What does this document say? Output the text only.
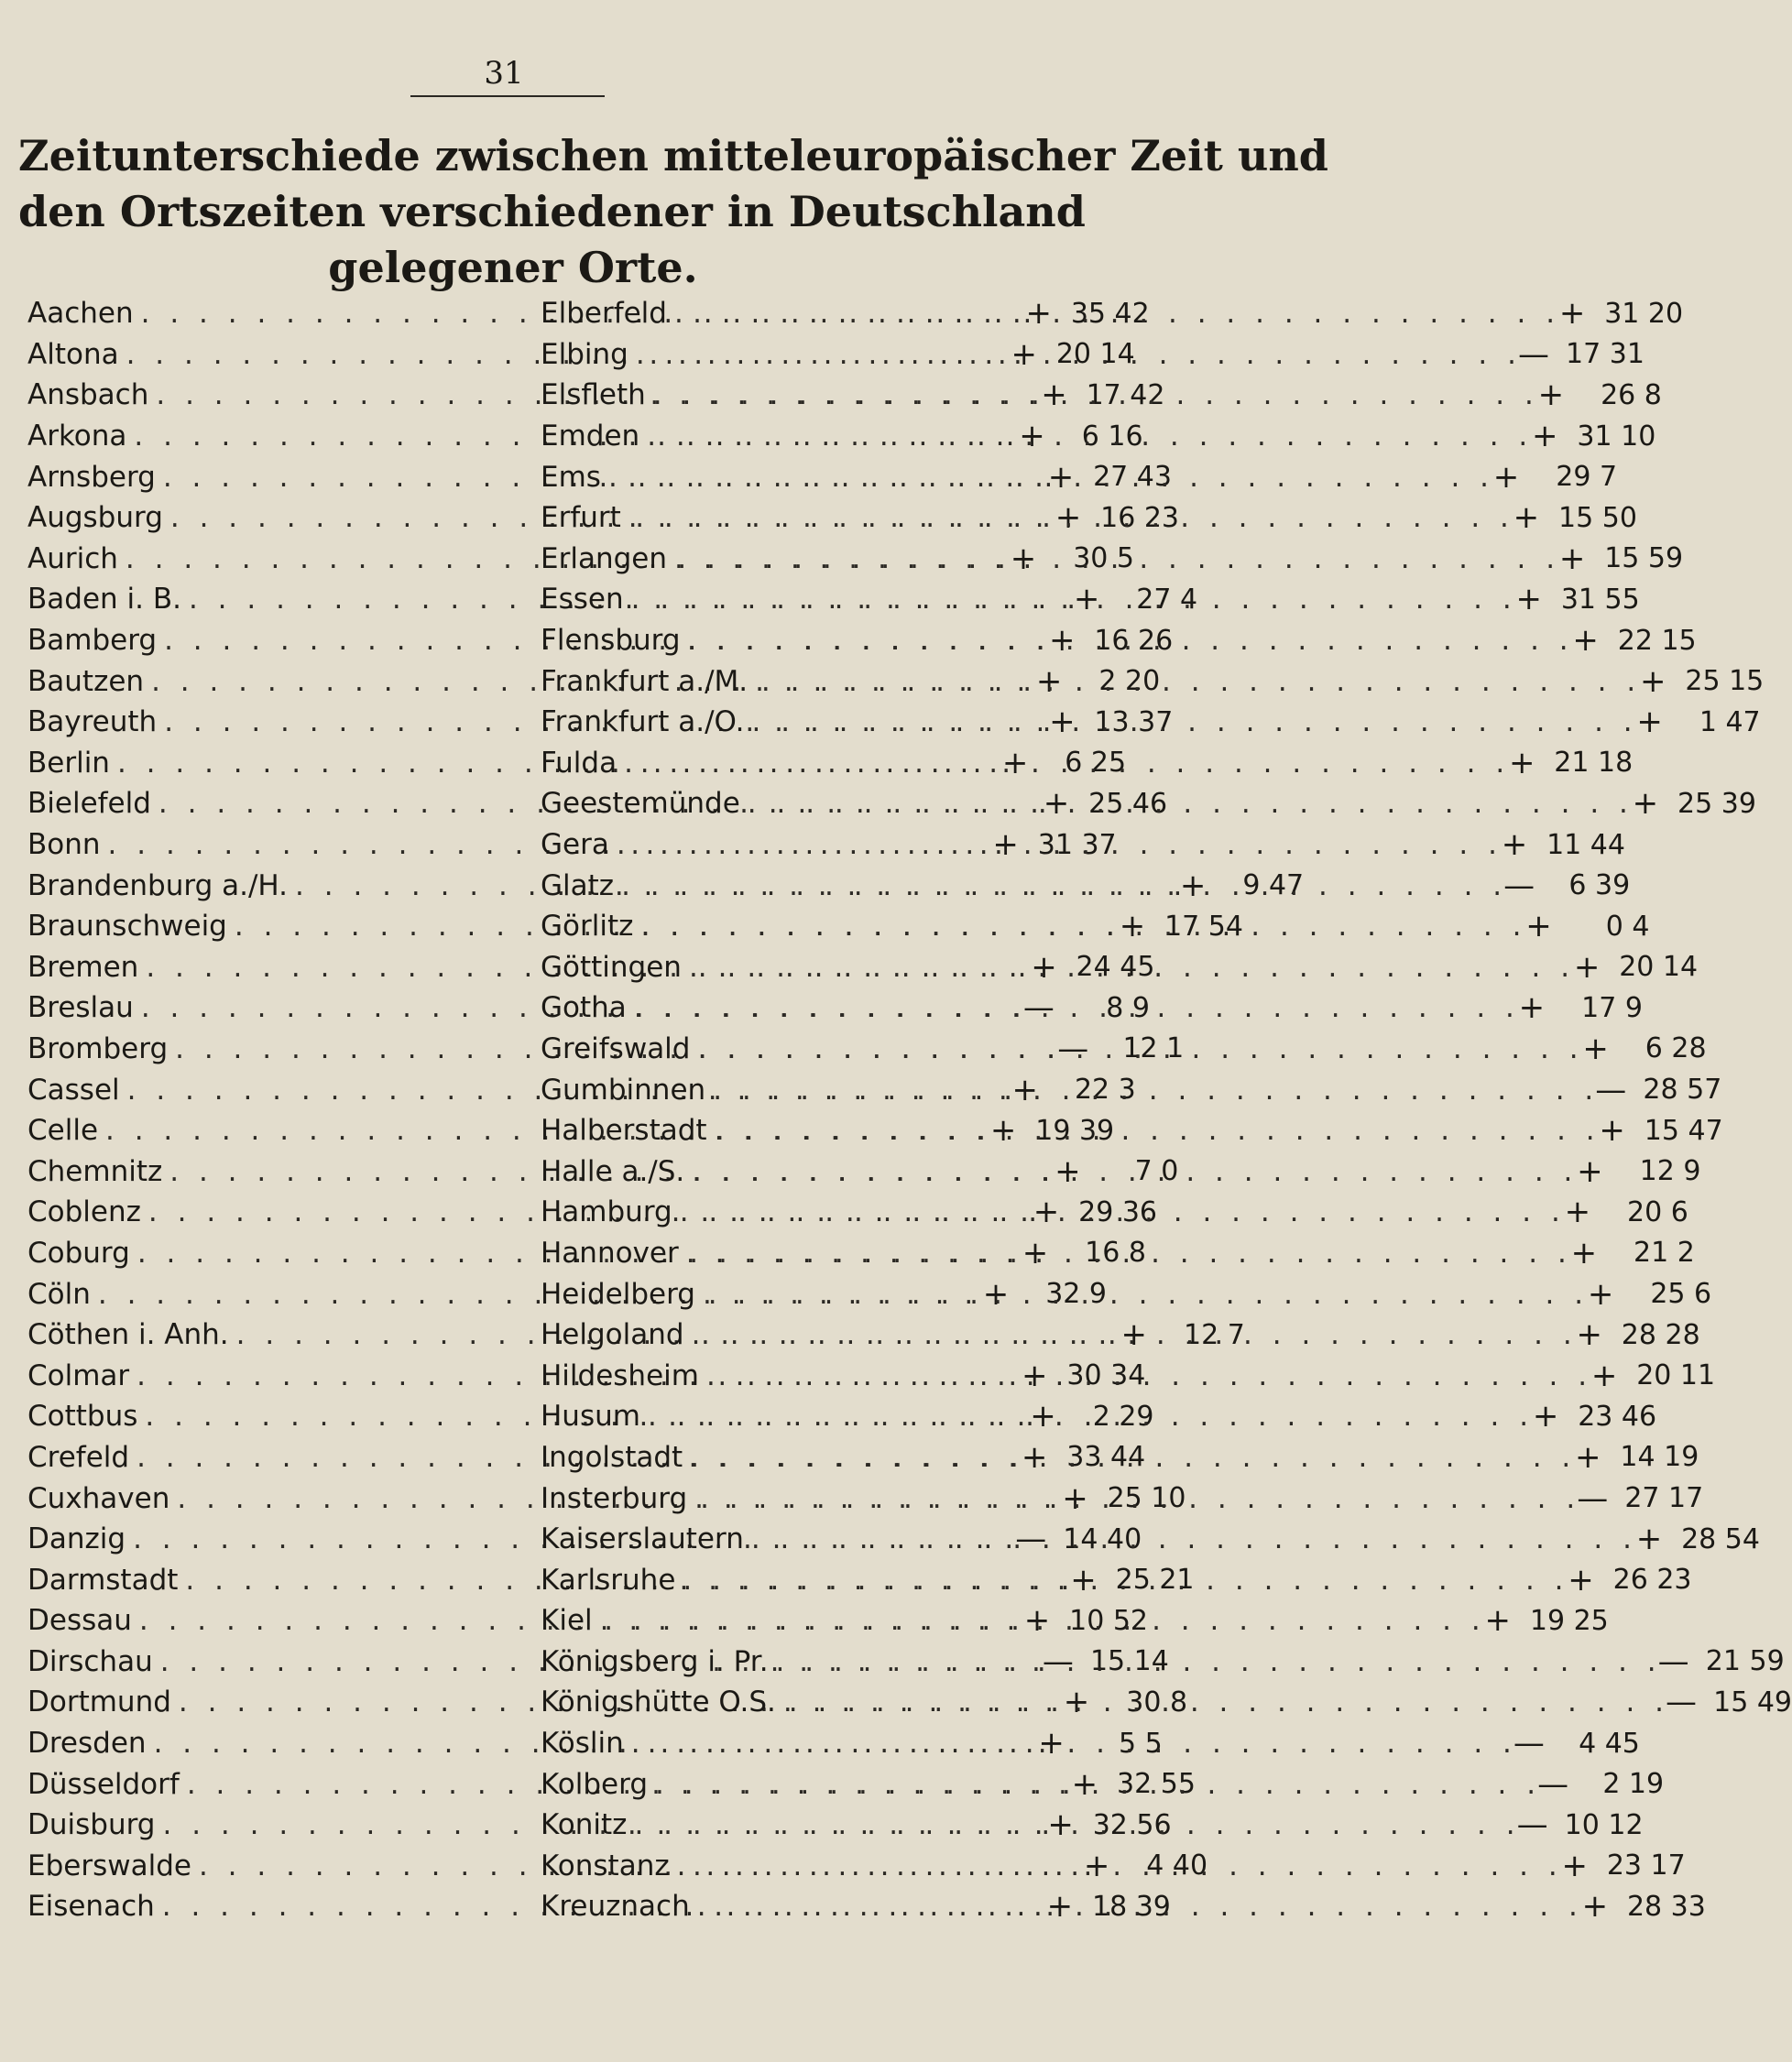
31
Zeitunterschiede zwischen mitteleuropäischer Zeit und
den Ortszeiten verschiedener in Deutschland
gelegener Orte.
Aachen . . .	+ 35 42
Altona . . .	+ 20 14
Ansbach . . .	+ 17 42
Arkona . . .	+	6 16
Arnsberg . . .	+ 27 43
Augsburg . . .	+ 16 23
Aurich . . .	+	30 5
Baden i. B. . . .	+	27 4
Bamberg . . .	+ 16 26
Bautzen . . .	+	2 20
Bayreuth . . .	+ 13 37
Berlin . . .	+	6 25
Bielefeld . . .	+ 25 46
Bonn . . .	+ 31 37
Brandenburg a./H. . . .	+	9 47
Braunschweig . . .	+ 17 54
Bremen . . .	+ 24 45
Breslau . . .	—	8 9
Bromberg . . .	—	12 1
Cassel . . .	+	22 3
Celle . . .	+ 19 39
Chemnitz . . .	+	7 0
Coblenz . . .	+ 29 36
Coburg . . .	+	16 8
Cöln . . .	+	32 9
Cöthen i. Anh. . . .	+	12 7
Colmar . . .	+ 30 34
Cottbus . . .	+	2 29
Crefeld . . .	+ 33 44
Cuxhaven . . .	+ 25 10
Danzig . . .	— 14 40
Darmstadt . . .	+ 25 21
Dessau . . .	+ 10 52
Dirschau . . .	— 15 14
Dortmund . . .	+	30 8
Dresden . . .	+	5 5
Düsseldorf . . .	+ 32 55
Duisburg . . .	+ 32 56
Eberswalde . . .	+	4 40
Eisenach . . .	+ 18 39
Elberfeld . . .	+ 31 20
Elbing . . .	— 17 31
Elsfleth . . .	+	26 8
Emden . . .	+ 31 10
Ems . . .	+	29 7
Erfurt . . .	+ 15 50
Erlangen . . .	+ 15 59
Essen . . .	+ 31 55
Flensburg . . .	+ 22 15
Frankfurt a./M. . . .	+ 25 15
Frankfurt a./O. . . .	+	1 47
Fulda . . .	+ 21 18
Geestemünde . . .	+ 25 39
Gera . . .	+ 11 44
Glatz . . .	—	6 39
Görlitz . . .	+	0 4
Göttingen . . .	+ 20 14
Gotha . . .	+	17 9
Greifswald . . .	+	6 28
Gumbinnen . . .	— 28 57
Halberstadt . . .	+ 15 47
Halle a./S. . . .	+	12 9
Hamburg . . .	+	20 6
Hannover . . .	+	21 2
Heidelberg . . .	+	25 6
Helgoland . . .	+ 28 28
Hildesheim . . .	+ 20 11
Husum . . .	+ 23 46
Ingolstadt . . .	+ 14 19
Insterburg . . .	— 27 17
Kaiserslautern . . .	+ 28 54
Karlsruhe . . .	+ 26 23
Kiel . . .	+ 19 25
Königsberg i. Pr. . . .	— 21 59
Königshütte O.S. . . .	— 15 49
Köslin . . .	—	4 45
Kolberg . . .	—	2 19
Konitz . . .	— 10 12
Konstanz . . .	+ 23 17
Kreuznach . . .	+ 28 33
